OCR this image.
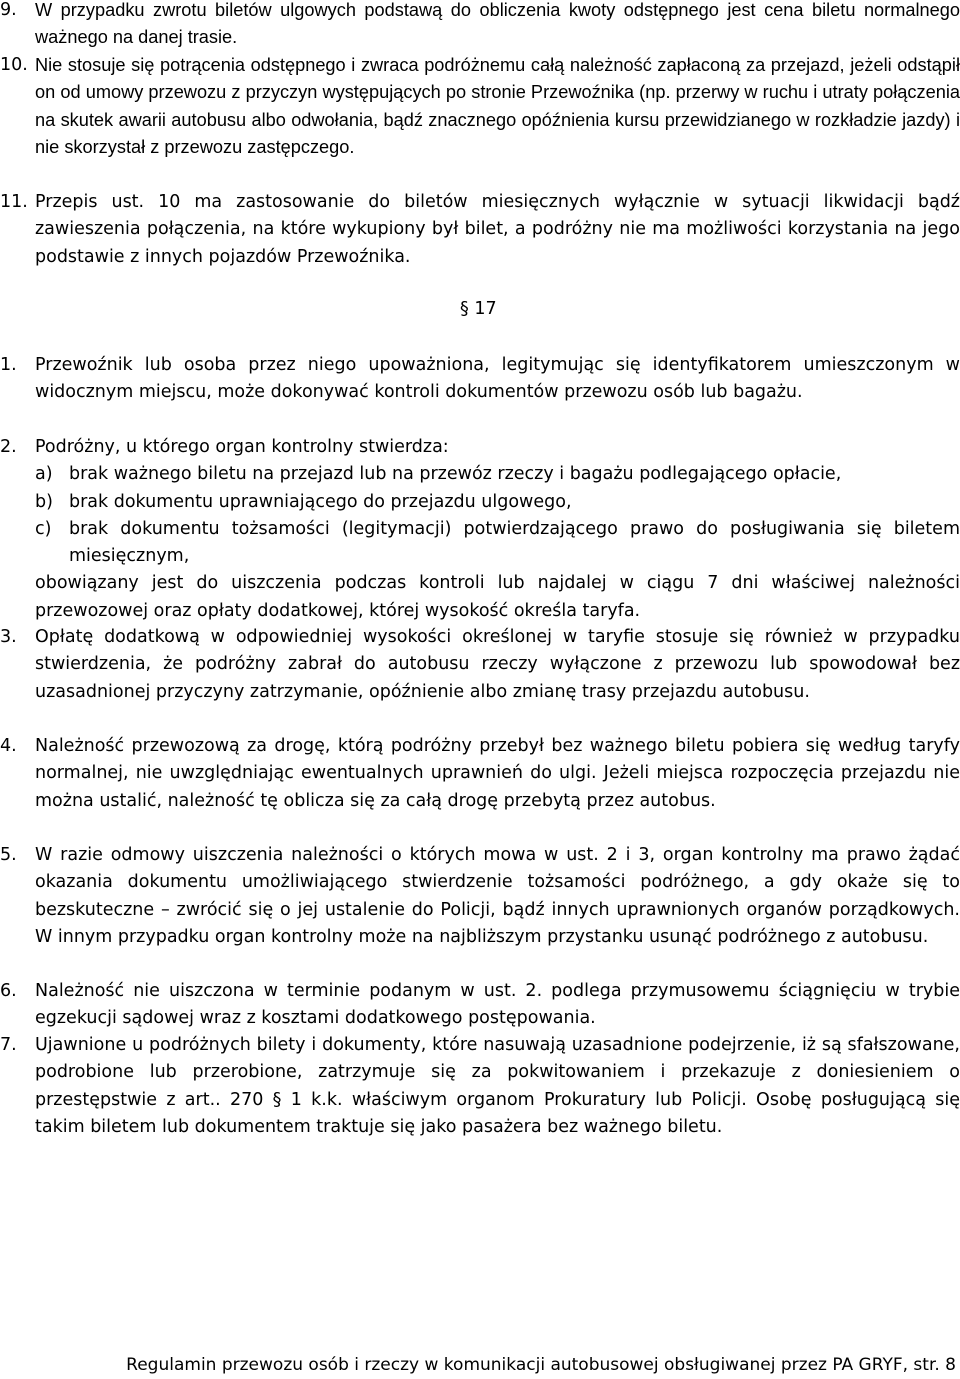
9. W przypadku zwrotu biletów ulgowych podstawą do obliczenia kwoty odstępnego jest cena biletu normalnego ważnego na danej trasie.
10. Nie stosuje się potrącenia odstępnego i zwraca podróżnemu całą należność zapłaconą za przejazd, jeżeli odstąpił on od umowy przewozu z przyczyn występujących po stronie Przewoźnika (np. przerwy w ruchu i utraty połączenia na skutek awarii autobusu albo odwołania, bądź znacznego opóźnienia kursu przewidzianego w rozkładzie jazdy) i nie skorzystał z przewozu zastępczego.
11. Przepis ust. 10 ma zastosowanie do biletów miesięcznych wyłącznie w sytuacji likwidacji bądź zawieszenia połączenia, na które wykupiony był bilet, a podróżny nie ma możliwości korzystania na jego podstawie z innych pojazdów Przewoźnika.
§ 17
1. Przewoźnik lub osoba przez niego upoważniona, legitymując się identyfikatorem umieszczonym w widocznym miejscu, może dokonywać kontroli dokumentów przewozu osób lub bagażu.
2. Podróżny, u którego organ kontrolny stwierdza:
a) brak ważnego biletu na przejazd lub na przewóz rzeczy i bagażu podlegającego opłacie,
b) brak dokumentu uprawniającego do przejazdu ulgowego,
c) brak dokumentu tożsamości (legitymacji) potwierdzającego prawo do posługiwania się biletem miesięcznym,
obowiązany jest do uiszczenia podczas kontroli lub najdalej w ciągu 7 dni właściwej należności przewozowej oraz opłaty dodatkowej, której wysokość określa taryfa.
3. Opłatę dodatkową w odpowiedniej wysokości określonej w taryfie stosuje się również w przypadku stwierdzenia, że podróżny zabrał do autobusu rzeczy wyłączone z przewozu lub spowodował bez uzasadnionej przyczyny zatrzymanie, opóźnienie albo zmianę trasy przejazdu autobusu.
4. Należność przewozową za drogę, którą podróżny przebył bez ważnego biletu pobiera się według taryfy normalnej, nie uwzględniając ewentualnych uprawnień do ulgi. Jeżeli miejsca rozpoczęcia przejazdu nie można ustalić, należność tę oblicza się za całą drogę przebytą przez autobus.
5. W razie odmowy uiszczenia należności o których mowa w ust. 2 i 3, organ kontrolny ma prawo żądać okazania dokumentu umożliwiającego stwierdzenie tożsamości podróżnego, a gdy okaże się to bezskuteczne – zwrócić się o jej ustalenie do Policji, bądź innych uprawnionych organów porządkowych. W innym przypadku organ kontrolny może na najbliższym przystanku usunąć podróżnego z autobusu.
6. Należność nie uiszczona w terminie podanym w ust. 2. podlega przymusowemu ściągnięciu w trybie egzekucji sądowej wraz z kosztami dodatkowego postępowania.
7. Ujawnione u podróżnych bilety i dokumenty, które nasuwają uzasadnione podejrzenie, iż są sfałszowane, podrobione lub przerobione, zatrzymuje się za pokwitowaniem i przekazuje z doniesieniem o przestępstwie z art.. 270 § 1 k.k. właściwym organom Prokuratury lub Policji. Osobę posługującą się takim biletem lub dokumentem traktuje się jako pasażera bez ważnego biletu.
Regulamin przewozu osób i rzeczy w komunikacji autobusowej obsługiwanej przez PA GRYF, str. 8
